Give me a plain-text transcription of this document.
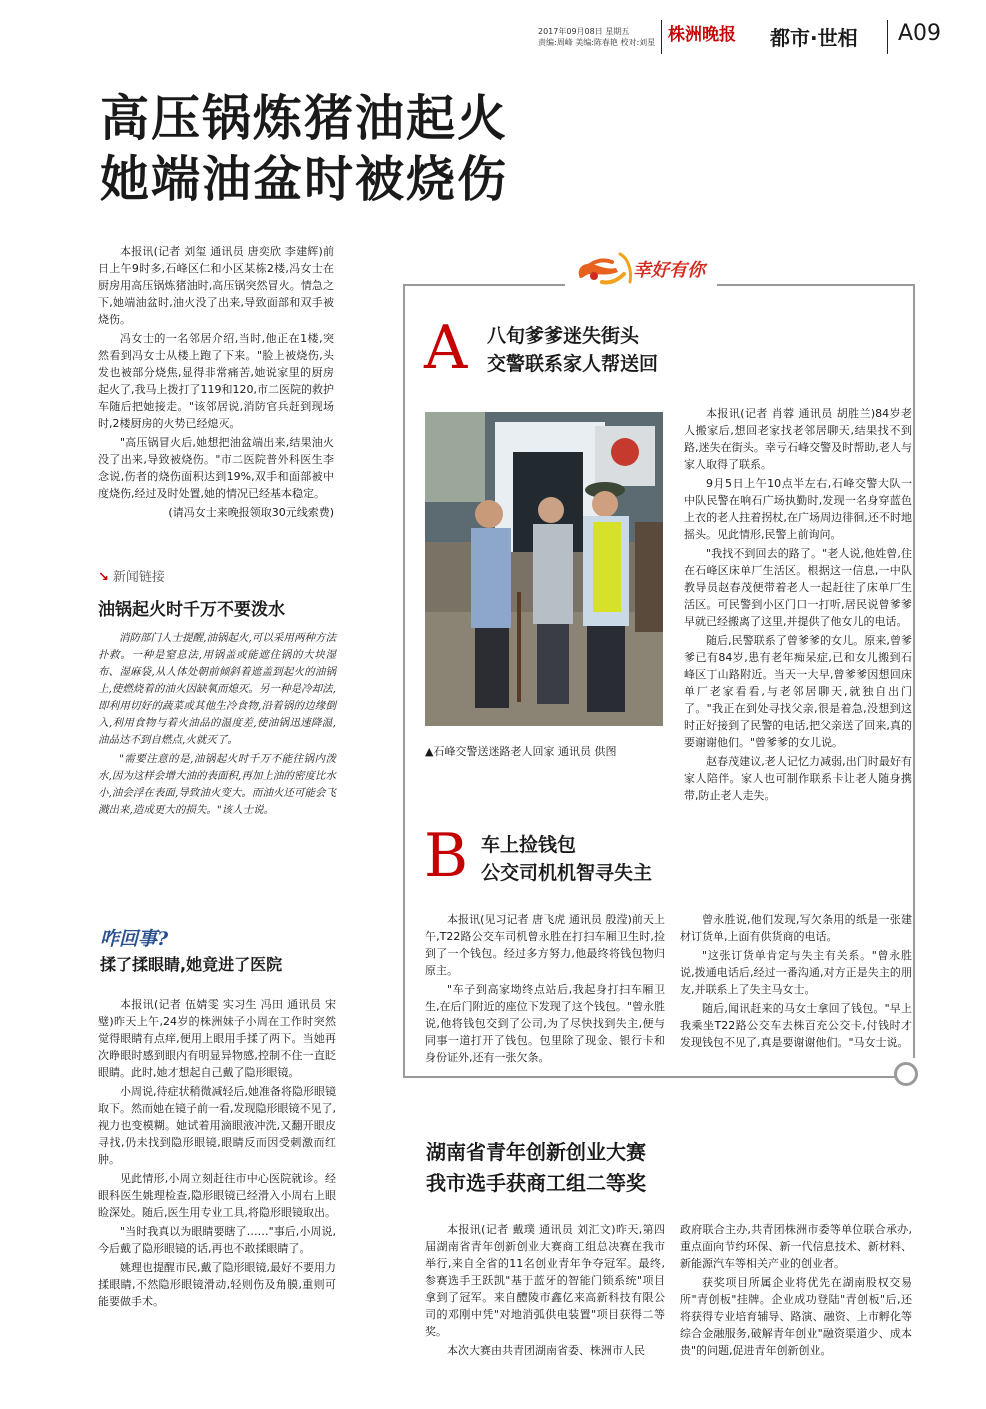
2017年09月08日 星期五
责编:周峰 美编:陈春艳 校对:刘星 株洲晚报 都市·世相 A09
高压锅炼猪油起火
她端油盆时被烧伤

本报讯(记者 刘玺 通讯员 唐奕欣 李建辉)前日上午9时多,石峰区仁和小区某栋2楼,冯女士在厨房用高压锅炼猪油时,高压锅突然冒火。情急之下,她端油盆时,油火没了出来,导致面部和双手被烧伤。

冯女士的一名邻居介绍,当时,他正在1楼,突然看到冯女士从楼上跑了下来。"脸上被烧伤,头发也被部分烧焦,显得非常痛苦,她说家里的厨房起火了,我马上拨打了119和120,市二医院的救护车随后把她接走。"该邻居说,消防官兵赶到现场时,2楼厨房的火势已经熄灭。

"高压锅冒火后,她想把油盆端出来,结果油火没了出来,导致被烧伤。"市二医院普外科医生李念说,伤者的烧伤面积达到19%,双手和面部被中度烧伤,经过及时处置,她的情况已经基本稳定。

(请冯女士来晚报领取30元线索费)

↘ 新闻链接
油锅起火时千万不要泼水

消防部门人士提醒,油锅起火,可以采用两种方法扑救。一种是窒息法,用锅盖或能遮住锅的大块湿布、湿麻袋,从人体处朝前倾斜着遮盖到起火的油锅上,使燃烧着的油火因缺氧而熄灭。另一种是冷却法,即利用切好的蔬菜或其他生冷食物,沿着锅的边缘倒入,利用食物与着火油品的温度差,使油锅迅速降温,油品达不到自燃点,火就灭了。

"需要注意的是,油锅起火时千万不能往锅内泼水,因为这样会增大油的表面积,再加上油的密度比水小,油会浮在表面,导致油火变大。而油火还可能会飞溅出来,造成更大的损失。"该人士说。

咋回事?
揉了揉眼睛,她竟进了医院

本报讯(记者 伍婧雯 实习生 冯田 通讯员 宋璧)昨天上午,24岁的株洲妹子小周在工作时突然觉得眼睛有点痒,便用上眼用手揉了两下。当她再次睁眼时感到眼内有明显异物感,控制不住一直眨眼睛。此时,她才想起自己戴了隐形眼镜。

小周说,待症状稍微减轻后,她准备将隐形眼镜取下。然而她在镜子前一看,发现隐形眼镜不见了,视力也变模糊。她试着用滴眼液冲洗,又翻开眼皮寻找,仍未找到隐形眼镜,眼睛反而因受刺激而红肿。

见此情形,小周立刻赶往市中心医院就诊。经眼科医生姚理检查,隐形眼镜已经滑入小周右上眼睑深处。随后,医生用专业工具,将隐形眼镜取出。

"当时我真以为眼睛要瞎了……"事后,小周说,今后戴了隐形眼镜的话,再也不敢揉眼睛了。

姚理也提醒市民,戴了隐形眼镜,最好不要用力揉眼睛,不然隐形眼镜滑动,轻则伤及角膜,重则可能要做手术。

幸好有你
A 八旬爹爹迷失街头
交警联系家人帮送回
▲石峰交警送迷路老人回家 通讯员 供图

本报讯(记者 肖蓉 通讯员 胡胜兰)84岁老人搬家后,想回老家找老邻居聊天,结果找不到路,迷失在街头。幸亏石峰交警及时帮助,老人与家人取得了联系。

9月5日上午10点半左右,石峰交警大队一中队民警在响石广场执勤时,发现一名身穿蓝色上衣的老人拄着拐杖,在广场周边徘徊,还不时地摇头。见此情形,民警上前询问。

"我找不到回去的路了。"老人说,他姓曾,住在石峰区床单厂生活区。根据这一信息,一中队教导员赵春茂便带着老人一起赶往了床单厂生活区。可民警到小区门口一打听,居民说曾爹爹早就已经搬离了这里,并提供了他女儿的电话。

随后,民警联系了曾爹爹的女儿。原来,曾爹爹已有84岁,患有老年痴呆症,已和女儿搬到石峰区丁山路附近。当天一大早,曾爹爹因想回床单厂老家看看,与老邻居聊天,就独自出门了。"我正在到处寻找父亲,很是着急,没想到这时正好接到了民警的电话,把父亲送了回来,真的要谢谢他们。"曾爹爹的女儿说。

赵春茂建议,老人记忆力减弱,出门时最好有家人陪伴。家人也可制作联系卡让老人随身携带,防止老人走失。

B 车上捡钱包
公交司机机智寻失主

本报讯(见习记者 唐飞虎 通讯员 殷滢)前天上午,T22路公交车司机曾永胜在打扫车厢卫生时,捡到了一个钱包。经过多方努力,他最终将钱包物归原主。

"车子到高家坳终点站后,我起身打扫车厢卫生,在后门附近的座位下发现了这个钱包。"曾永胜说,他将钱包交到了公司,为了尽快找到失主,便与同事一道打开了钱包。包里除了现金、银行卡和身份证外,还有一张欠条。

曾永胜说,他们发现,写欠条用的纸是一张建材订货单,上面有供货商的电话。

"这张订货单肯定与失主有关系。"曾永胜说,拨通电话后,经过一番沟通,对方正是失主的朋友,并联系上了失主马女士。

随后,闻讯赶来的马女士拿回了钱包。"早上我乘坐T22路公交车去株百充公交卡,付钱时才发现钱包不见了,真是要谢谢他们。"马女士说。

湖南省青年创新创业大赛
我市选手获商工组二等奖

本报讯(记者 戴璞 通讯员 刘汇文)昨天,第四届湖南省青年创新创业大赛商工组总决赛在我市举行,来自全省的11名创业青年争夺冠军。最终,参赛选手王跃凯"基于蓝牙的智能门锁系统"项目拿到了冠军。来自醴陵市鑫亿来高新科技有限公司的邓刚中凭"对地消弧供电装置"项目获得二等奖。

本次大赛由共青团湖南省委、株洲市人民

政府联合主办,共青团株洲市委等单位联合承办,重点面向节约环保、新一代信息技术、新材料、新能源汽车等相关产业的创业者。

获奖项目所属企业将优先在湖南股权交易所"青创板"挂牌。企业成功登陆"青创板"后,还将获得专业培育辅导、路演、融资、上市孵化等综合金融服务,破解青年创业"融资渠道少、成本贵"的问题,促进青年创新创业。
